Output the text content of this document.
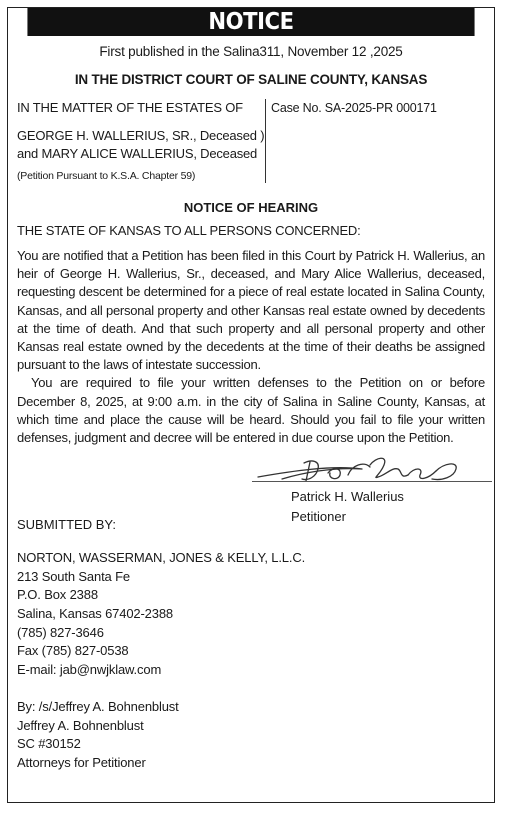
NOTICE
First published in the Salina311, November 12 ,2025
IN THE DISTRICT COURT OF SALINE COUNTY, KANSAS
IN THE MATTER OF THE ESTATES OF
GEORGE H. WALLERIUS, SR., Deceased )
and MARY ALICE WALLERIUS, Deceased
(Petition Pursuant to K.S.A. Chapter 59)
Case No. SA-2025-PR 000171
NOTICE OF HEARING
THE STATE OF KANSAS TO ALL PERSONS CONCERNED:

You are notified that a Petition has been filed in this Court by Patrick H. Wallerius, an heir of George H. Wallerius, Sr., deceased, and Mary Alice Wallerius, deceased, requesting descent be determined for a piece of real estate located in Salina County, Kansas, and all personal property and other Kansas real estate owned by decedents at the time of death. And that such property and all personal property and other Kansas real estate owned by the decedents at the time of their deaths be assigned pursuant to the laws of intestate succession.

You are required to file your written defenses to the Petition on or before December 8, 2025, at 9:00 a.m. in the city of Salina in Saline County, Kansas, at which time and place the cause will be heard. Should you fail to file your written defenses, judgment and decree will be entered in due course upon the Petition.

Patrick H. Wallerius
Petitioner
SUBMITTED BY:
NORTON, WASSERMAN, JONES & KELLY, L.L.C.
213 South Santa Fe
P.O. Box 2388
Salina, Kansas 67402-2388
(785) 827-3646
Fax (785) 827-0538
E-mail: jab@nwjklaw.com
By: /s/Jeffrey A. Bohnenblust
Jeffrey A. Bohnenblust
SC #30152
Attorneys for Petitioner
